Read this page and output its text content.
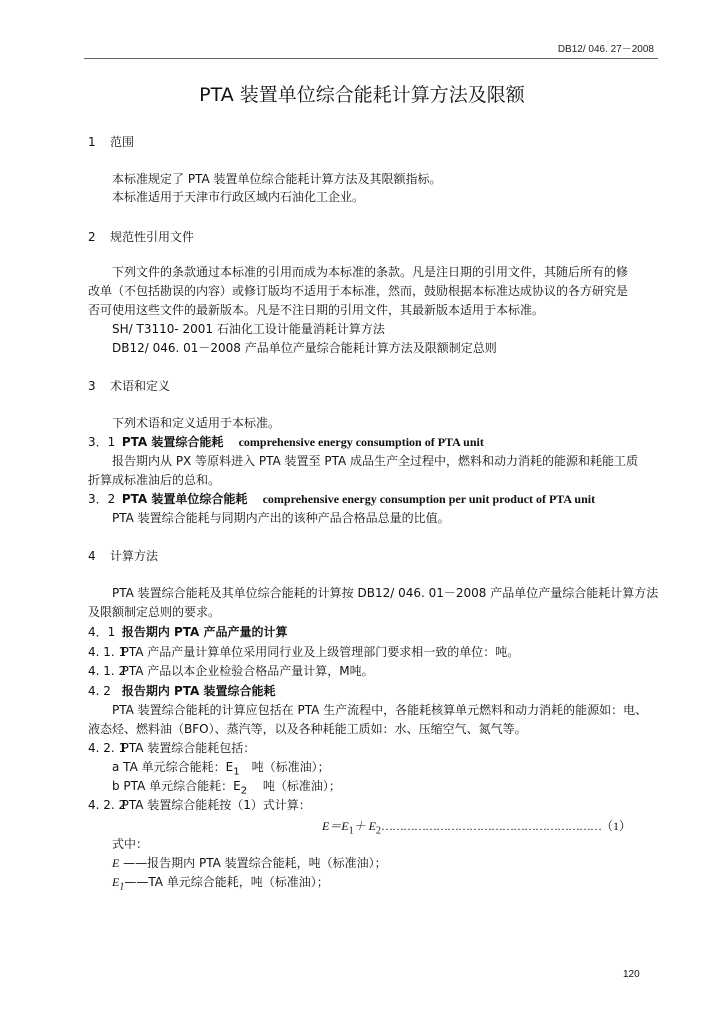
DB12/ 046. 27－2008
PTA 装置单位综合能耗计算方法及限额
1 范围
本标准规定了 PTA 装置单位综合能耗计算方法及其限额指标。
本标准适用于天津市行政区域内石油化工企业。
2 规范性引用文件
下列文件的条款通过本标准的引用而成为本标准的条款。凡是注日期的引用文件，其随后所有的修
改单（不包括勘误的内容）或修订版均不适用于本标准，然而，鼓励根据本标准达成协议的各方研究是
否可使用这些文件的最新版本。凡是不注日期的引用文件，其最新版本适用于本标准。
SH/ T3110- 2001 石油化工设计能量消耗计算方法
DB12/ 046. 01－2008 产品单位产量综合能耗计算方法及限额制定总则
3 术语和定义
下列术语和定义适用于本标准。
3．1 PTA 装置综合能耗 comprehensive energy consumption of PTA unit
报告期内从 PX 等原料进入 PTA 装置至 PTA 成品生产全过程中，燃料和动力消耗的能源和耗能工质
折算成标准油后的总和。
3．2 PTA 装置单位综合能耗 comprehensive energy consumption per unit product of PTA unit
PTA 装置综合能耗与同期内产出的该种产品合格品总量的比值。
4 计算方法
PTA 装置综合能耗及其单位综合能耗的计算按 DB12/ 046. 01－2008 产品单位产量综合能耗计算方法
及限额制定总则的要求。
4．1 报告期内 PTA 产品产量的计算
4. 1. 1  PTA 产品产量计算单位采用同行业及上级管理部门要求相一致的单位：吨。
4. 1. 2  PTA 产品以本企业检验合格品产量计算，M吨。
4. 2 报告期内 PTA 装置综合能耗
PTA 装置综合能耗的计算应包括在 PTA 生产流程中，各能耗核算单元燃料和动力消耗的能源如：电、
液态烃、燃料油（BFO）、蒸汽等，以及各种耗能工质如：水、压缩空气、氮气等。
4. 2. 1  PTA 装置综合能耗包括：
a TA 单元综合能耗：$E_1$　吨（标准油）；
b PTA 单元综合能耗：$E_2$　 吨（标准油）；
4. 2. 2  PTA 装置综合能耗按（1）式计算：
$E=E_1+$ $E_2\dots\dots\dots\dots\dots\dots\dots\dots\dots\dots\dots\dots\dots\dots\dots\dots\dots\dots\dots\dots(1)$
式中：
E ——报告期内 PTA 装置综合能耗，吨（标准油）；
$E_1——TA$ 单元综合能耗，吨（标准油）；
120
